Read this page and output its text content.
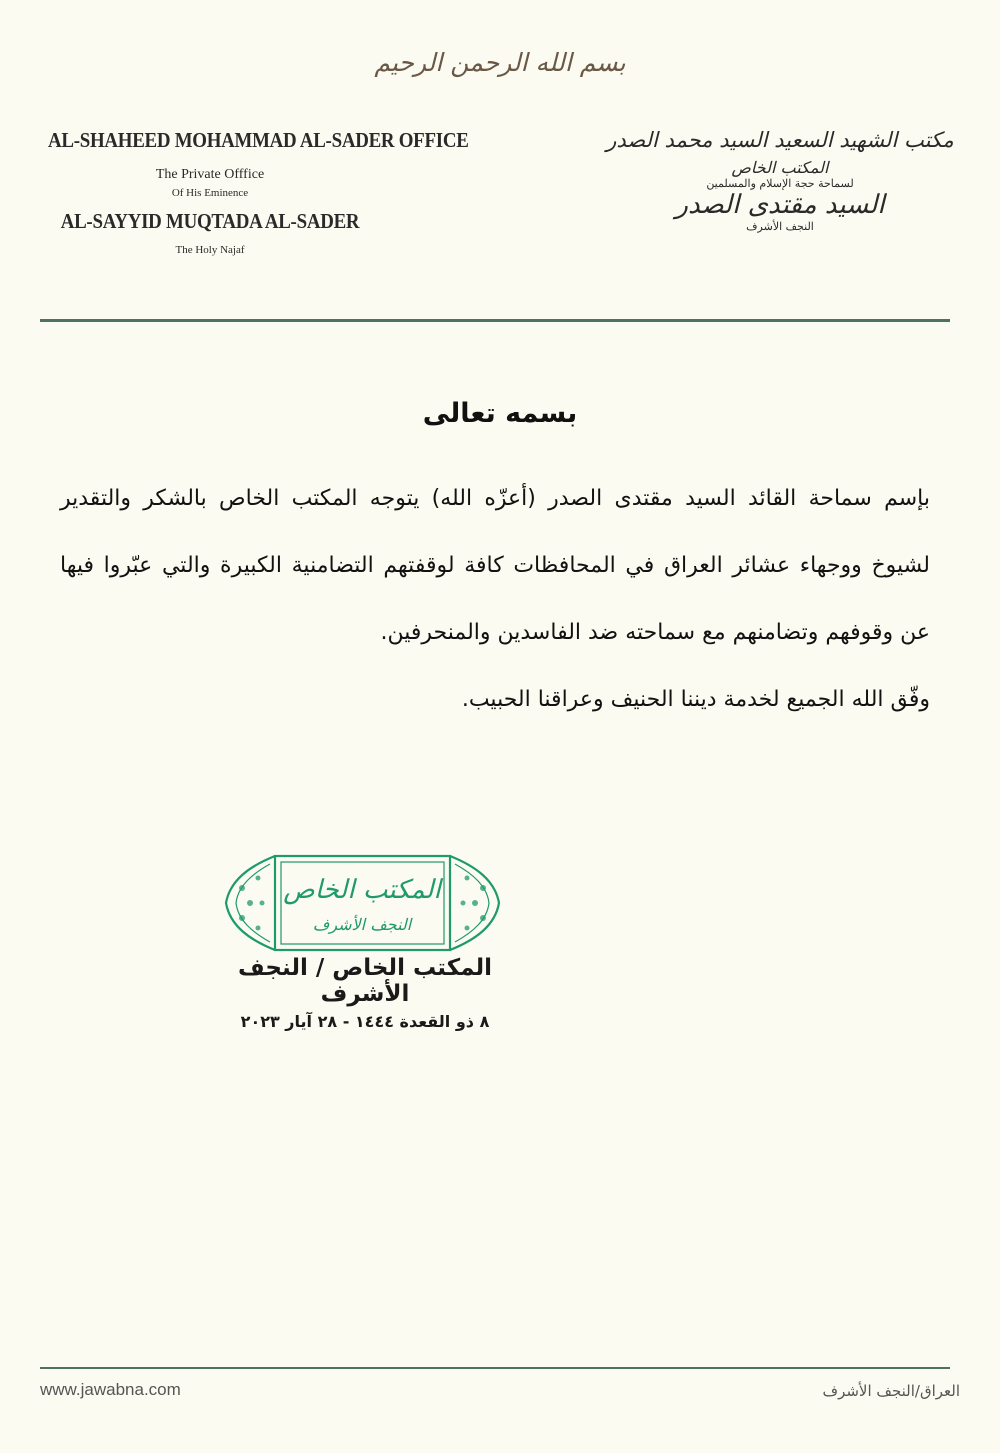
بسم الله الرحمن الرحيم
AL-SHAHEED MOHAMMAD AL-SADER OFFICE
The Private Offfice
Of His Eminence
AL-SAYYID MUQTADA AL-SADER
The Holy Najaf
مكتب الشهيد السعيد السيد محمد الصدر
المكتب الخاص
لسماحة حجة الإسلام والمسلمين
السيد مقتدى الصدر
النجف الأشرف
بسمه تعالى

بإسم سماحة القائد السيد مقتدى الصدر (أعزّه الله) يتوجه المكتب الخاص بالشكر والتقدير لشيوخ ووجهاء عشائر العراق في المحافظات كافة لوقفتهم التضامنية الكبيرة والتي عبّروا فيها عن وقوفهم وتضامنهم مع سماحته ضد الفاسدين والمنحرفين.

وفّق الله الجميع لخدمة ديننا الحنيف وعراقنا الحبيب.

المكتب الخاص
النجف الأشرف
المكتب الخاص / النجف الأشرف
٨ ذو القعدة ١٤٤٤ - ٢٨ آيار ٢٠٢٣
www.jawabna.com	العراق/النجف الأشرف
